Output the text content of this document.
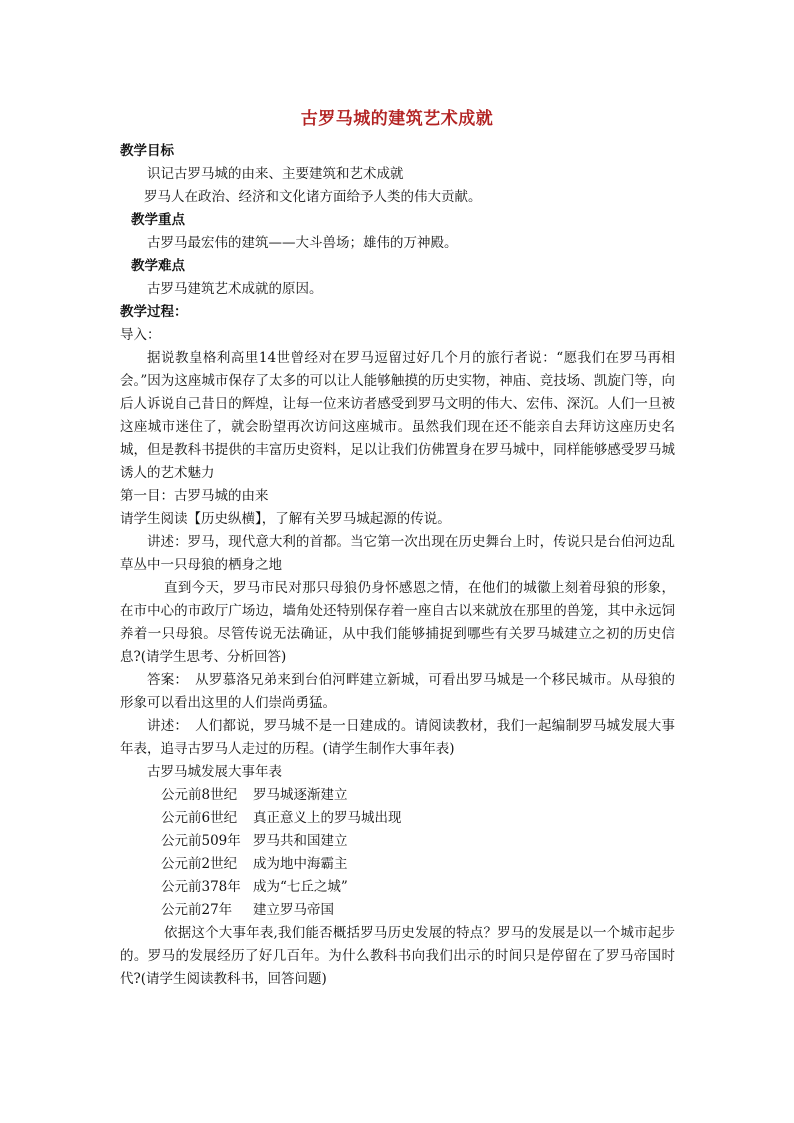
古罗马城的建筑艺术成就
教学目标
识记古罗马城的由来、主要建筑和艺术成就
罗马人在政治、经济和文化诸方面给予人类的伟大贡献。
教学重点
古罗马最宏伟的建筑——大斗兽场；雄伟的万神殿。
教学难点
古罗马建筑艺术成就的原因。
教学过程：
导入：
据说教皇格利高里14世曾经对在罗马逗留过好几个月的旅行者说：“愿我们在罗马再相会。”因为这座城市保存了太多的可以让人能够触摸的历史实物，神庙、竞技场、凯旋门等，向后人诉说自己昔日的辉煌，让每一位来访者感受到罗马文明的伟大、宏伟、深沉。人们一旦被这座城市迷住了，就会盼望再次访问这座城市。虽然我们现在还不能亲自去拜访这座历史名城，但是教科书提供的丰富历史资料，足以让我们仿佛置身在罗马城中，同样能够感受罗马城诱人的艺术魅力
第一目：古罗马城的由来
请学生阅读【历史纵横】，了解有关罗马城起源的传说。
讲述：罗马，现代意大利的首都。当它第一次出现在历史舞台上时，传说只是台伯河边乱草丛中一只母狼的栖身之地
直到今天，罗马市民对那只母狼仍身怀感恩之情，在他们的城徽上刻着母狼的形象，在市中心的市政厅广场边，墙角处还特别保存着一座自古以来就放在那里的兽笼，其中永远饲养着一只母狼。尽管传说无法确证，从中我们能够捕捉到哪些有关罗马城建立之初的历史信息?(请学生思考、分析回答)
答案：　从罗慕洛兄弟来到台伯河畔建立新城，可看出罗马城是一个移民城市。从母狼的形象可以看出这里的人们崇尚勇猛。
讲述：　人们都说，罗马城不是一日建成的。请阅读教材，我们一起编制罗马城发展大事年表，追寻古罗马人走过的历程。(请学生制作大事年表)
古罗马城发展大事年表
公元前8世纪 罗马城逐渐建立
公元前6世纪 真正意义上的罗马城出现
公元前509年 罗马共和国建立
公元前2世纪 成为地中海霸主
公元前378年 成为“七丘之城”
公元前27年 建立罗马帝国
依据这个大事年表,我们能否概括罗马历史发展的特点？罗马的发展是以一个城市起步的。罗马的发展经历了好几百年。为什么教科书向我们出示的时间只是停留在了罗马帝国时代?(请学生阅读教科书，回答问题)
